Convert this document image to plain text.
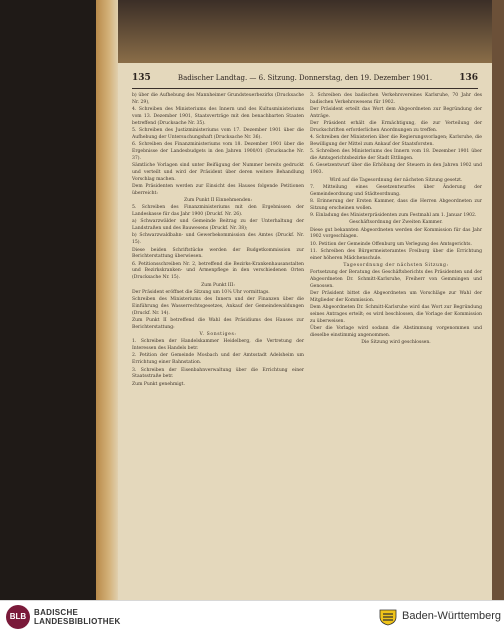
135	Badischer Landtag. — 6. Sitzung. Donnerstag, den 19. Dezember 1901.	136

b) über die Aufhebung des Mannheimer Grundsteuerbezirks (Drucksache Nr. 29),

4. Schreiben des Ministeriums des Innern und des Kultusministeriums vom 13. Dezember 1901, Staatsverträge mit den benachbarten Staaten betreffend (Drucksache Nr. 35).

5. Schreiben des Justizministeriums vom 17. Dezember 1901 über die Aufhebung der Untersuchungshaft (Drucksache Nr. 36).

6. Schreiben des Finanzministeriums vom 18. Dezember 1901 über die Ergebnisse der Landesbudgets in den Jahren 1900/01 (Drucksache Nr. 37).

Sämtliche Vorlagen sind unter Beifügung der Nummer bereits gedruckt und verteilt und wird der Präsident über deren weitere Behandlung Vorschlag machen.

Dem Präsidenten werden zur Einsicht des Hauses folgende Petitionen überreicht:

Zum Punkt II Einnehmenden:

5. Schreiben des Finanzministeriums mit den Ergebnissen der Landeskasse für das Jahr 1900 (Druckf. Nr. 26).

a) Schwarzwälder und Gemeinde Beitrag zu der Unterhaltung der Landstraßen und des Bauwesens (Druckf. Nr. 38);

b) Schwarzwaldbahn- und Gewerbekommission des Amtes (Druckf. Nr. 15).

Diese beiden Schriftstücke werden der Budgetkommission zur Berichterstattung überwiesen.

6. Petitionsschreiben Nr. 2, betreffend die Bezirks-Krankenhausanstalten und Bezirkskranken- und Armenpflege in den verschiedenen Orten (Drucksache Nr. 15).

Zum Punkt III:

Der Präsident eröffnet die Sitzung um 10¼ Uhr vormittags.

Schreiben des Ministeriums des Innern und der Finanzen über die Einführung des Wasserrechtsgesetzes, Ankauf der Gemeindewaldungen (Druckf. Nr. 14).

Zum Punkt II betreffend die Wahl des Präsidiums des Hauses zur Berichterstattung:

V. Sonstiges:

1. Schreiben der Handelskammer Heidelberg, die Vertretung der Interessen des Handels betr.

2. Petition der Gemeinde Mosbach und der Amtsstadt Adelsheim um Errichtung einer Bahnstation.

3. Schreiben der Eisenbahnverwaltung über die Errichtung einer Staatsstraße betr.

Zum Punkt genehmigt.

3. Schreiben des badischen Verkehrsvereines Karlsruhe, 70 Jahr des badischen Verkehrswesens für 1902.

Der Präsident erteilt das Wort dem Abgeordneten zur Begründung der Anträge.

Der Präsident erhält die Ermächtigung, die zur Verteilung der Druckschriften erforderlichen Anordnungen zu treffen.

4. Schreiben der Ministerien über die Regierungsvorlagen; Karlsruhe, die Bewilligung der Mittel zum Ankauf der Staatsforsten.

5. Schreiben des Ministeriums des Innern vom 18. Dezember 1901 über die Amtsgerichtsbezirke der Stadt Ettlingen.

6. Gesetzentwurf über die Erhöhung der Steuern in den Jahren 1902 und 1903.

Wird auf die Tagesordnung der nächsten Sitzung gesetzt.

7. Mitteilung eines Gesetzentwurfes über Änderung der Gemeindeordnung und Städteordnung.

8. Erinnerung der Ersten Kammer, dass die Herren Abgeordneten zur Sitzung erscheinen wollen.

9. Einladung des Ministerpräsidenten zum Festmahl am 1. Januar 1902.

Geschäftsordnung der Zweiten Kammer.

Diese gut bekannten Abgeordneten werden der Kommission für das Jahr 1902 vorgeschlagen.

10. Petition der Gemeinde Offenburg um Verlegung des Amtsgerichts.

11. Schreiben des Bürgermeisteramtes Freiburg über die Errichtung einer höheren Mädchenschule.

Tagesordnung der nächsten Sitzung:

Fortsetzung der Beratung des Geschäftsberichts des Präsidenten und der Abgeordneten Dr. Schmitt-Karlsruhe, Freiherr von Gemmingen und Genossen.

Der Präsident bittet die Abgeordneten um Vorschläge zur Wahl der Mitglieder der Kommission.

Dem Abgeordneten Dr. Schmitt-Karlsruhe wird das Wort zur Begründung seines Antrages erteilt; es wird beschlossen, die Vorlage der Kommission zu überweisen.

Über die Vorlage wird sodann die Abstimmung vorgenommen und dieselbe einstimmig angenommen.

Die Sitzung wird geschlossen.

BLB BADISCHE
LANDESBIBLIOTHEK	Baden-Württemberg
